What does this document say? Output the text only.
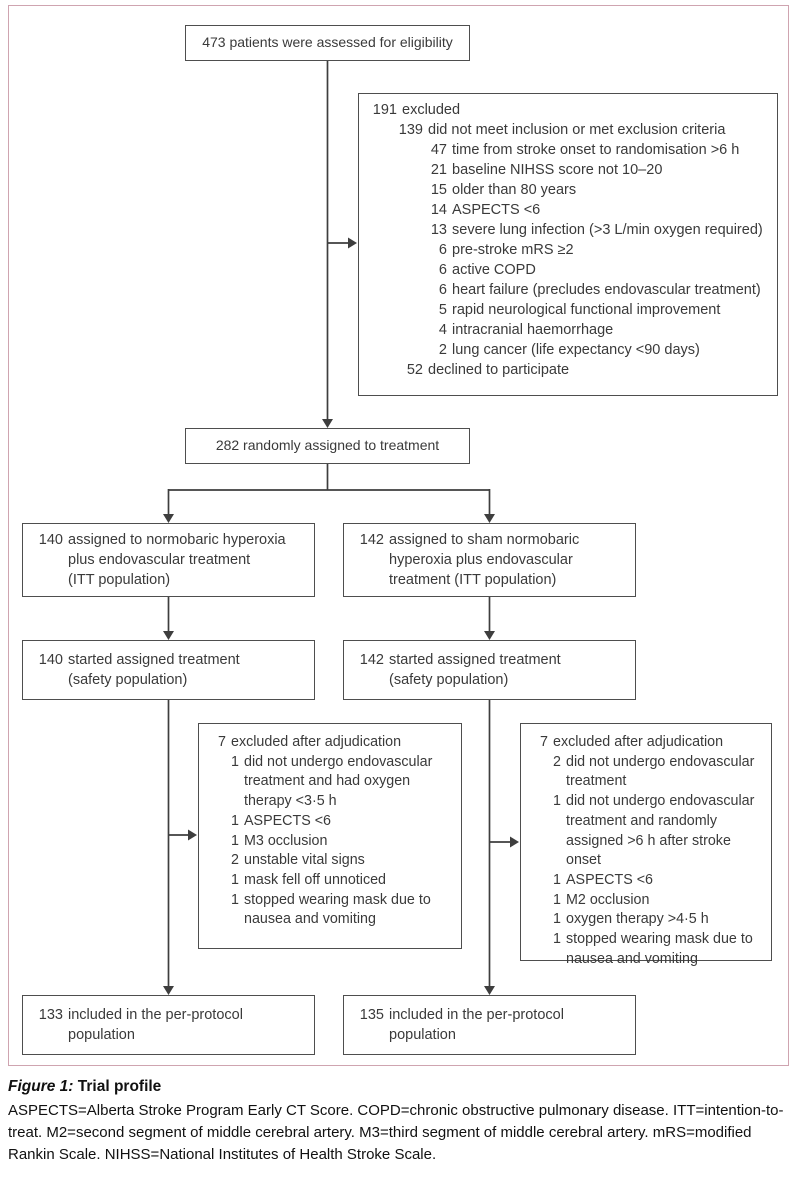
473 patients were assessed for eligibility
191 excluded
139 did not meet inclusion or met exclusion criteria
47 time from stroke onset to randomisation >6 h
21 baseline NIHSS score not 10–20
15 older than 80 years
14 ASPECTS <6
13 severe lung infection (>3 L/min oxygen required)
6 pre-stroke mRS ≥2
6 active COPD
6 heart failure (precludes endovascular treatment)
5 rapid neurological functional improvement
4 intracranial haemorrhage
2 lung cancer (life expectancy <90 days)
52 declined to participate
282 randomly assigned to treatment
140 assigned to normobaric hyperoxia
plus endovascular treatment
(ITT population)
142 assigned to sham normobaric
hyperoxia plus endovascular
treatment (ITT population)
140 started assigned treatment
(safety population)
142 started assigned treatment
(safety population)
7 excluded after adjudication
1 did not undergo endovascular treatment and had oxygen therapy <3·5 h
1 ASPECTS <6
1 M3 occlusion
2 unstable vital signs
1 mask fell off unnoticed
1 stopped wearing mask due to nausea and vomiting
7 excluded after adjudication
2 did not undergo endovascular treatment
1 did not undergo endovascular treatment and randomly assigned >6 h after stroke onset
1 ASPECTS <6
1 M2 occlusion
1 oxygen therapy >4·5 h
1 stopped wearing mask due to nausea and vomiting
133 included in the per-protocol
population
135 included in the per-protocol
population
Figure 1: Trial profile
ASPECTS=Alberta Stroke Program Early CT Score. COPD=chronic obstructive pulmonary disease. ITT=intention-to-treat. M2=second segment of middle cerebral artery. M3=third segment of middle cerebral artery. mRS=modified Rankin Scale. NIHSS=National Institutes of Health Stroke Scale.
